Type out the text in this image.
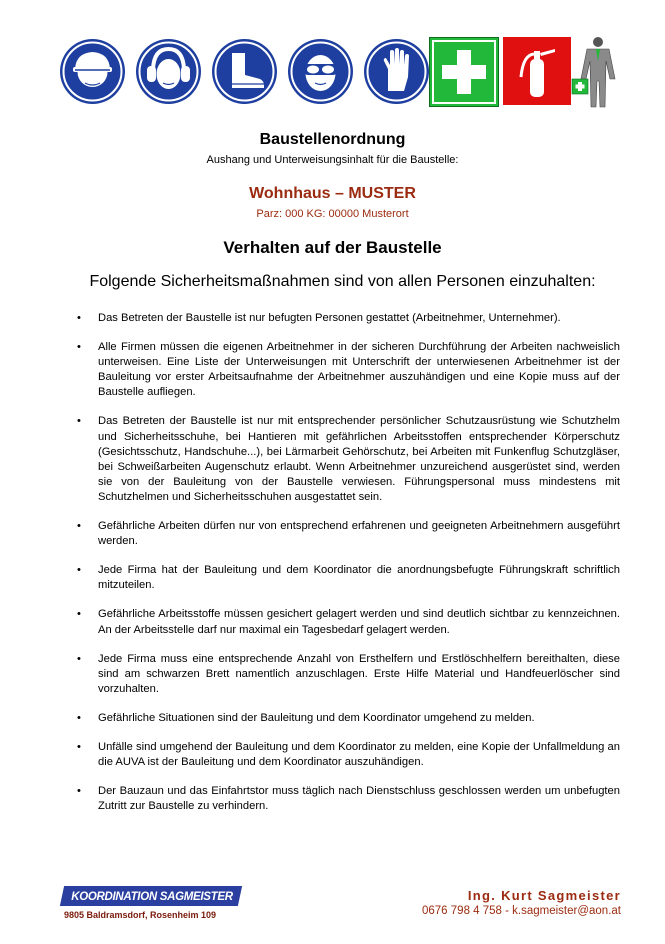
Baustellenordnung
Aushang und Unterweisungsinhalt für die Baustelle:
Wohnhaus – MUSTER
Parz: 000 KG: 00000 Musterort
Verhalten auf der Baustelle
Folgende Sicherheitsmaßnahmen sind von allen Personen einzuhalten:
• Das Betreten der Baustelle ist nur befugten Personen gestattet (Arbeitnehmer, Unternehmer).
• Alle Firmen müssen die eigenen Arbeitnehmer in der sicheren Durchführung der Arbeiten nachweislich unterweisen. Eine Liste der Unterweisungen mit Unterschrift der unterwiesenen Arbeitnehmer ist der Bauleitung vor erster Arbeitsaufnahme der Arbeitnehmer auszuhändigen und eine Kopie muss auf der Baustelle aufliegen.
• Das Betreten der Baustelle ist nur mit entsprechender persönlicher Schutzausrüstung wie Schutzhelm und Sicherheitsschuhe, bei Hantieren mit gefährlichen Arbeitsstoffen entsprechender Körperschutz (Gesichtsschutz, Handschuhe...), bei Lärmarbeit Gehörschutz, bei Arbeiten mit Funkenflug Schutzgläser, bei Schweißarbeiten Augenschutz erlaubt. Wenn Arbeitnehmer unzureichend ausgerüstet sind, werden sie von der Bauleitung von der Baustelle verwiesen. Führungspersonal muss mindestens mit Schutzhelmen und Sicherheitsschuhen ausgestattet sein.
• Gefährliche Arbeiten dürfen nur von entsprechend erfahrenen und geeigneten Arbeitnehmern ausgeführt werden.
• Jede Firma hat der Bauleitung und dem Koordinator die anordnungsbefugte Führungskraft schriftlich mitzuteilen.
• Gefährliche Arbeitsstoffe müssen gesichert gelagert werden und sind deutlich sichtbar zu kennzeichnen. An der Arbeitsstelle darf nur maximal ein Tagesbedarf gelagert werden.
• Jede Firma muss eine entsprechende Anzahl von Ersthelfern und Erstlöschhelfern bereithalten, diese sind am schwarzen Brett namentlich anzuschlagen. Erste Hilfe Material und Handfeuerlöscher sind vorzuhalten.
• Gefährliche Situationen sind der Bauleitung und dem Koordinator umgehend zu melden.
• Unfälle sind umgehend der Bauleitung und dem Koordinator zu melden, eine Kopie der Unfallmeldung an die AUVA ist der Bauleitung und dem Koordinator auszuhändigen.
• Der Bauzaun und das Einfahrtstor muss täglich nach Dienstschluss geschlossen werden um unbefugten Zutritt zur Baustelle zu verhindern.
KOORDINATION SAGMEISTER
9805 Baldramsdorf, Rosenheim 109
Ing. Kurt Sagmeister
0676 798 4 758 - k.sagmeister@aon.at
